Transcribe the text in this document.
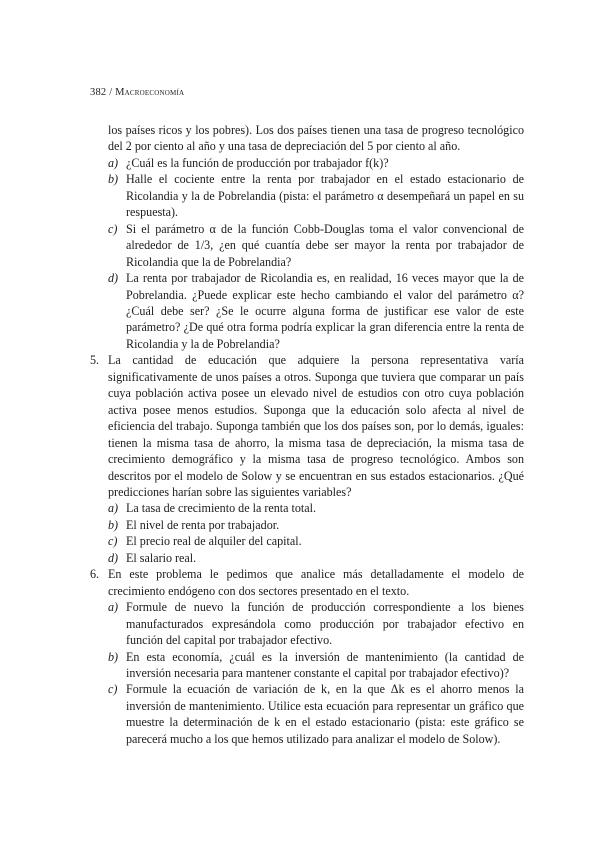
382 / Macroeconomía

los países ricos y los pobres). Los dos países tienen una tasa de progreso tecnológico del 2 por ciento al año y una tasa de depreciación del 5 por ciento al año.

a) ¿Cuál es la función de producción por trabajador f(k)?

b) Halle el cociente entre la renta por trabajador en el estado estacionario de Ricolandia y la de Pobrelandia (pista: el parámetro α desempeñará un papel en su respuesta).

c) Si el parámetro α de la función Cobb-Douglas toma el valor convencional de alrededor de 1/3, ¿en qué cuantía debe ser mayor la renta por trabajador de Ricolandia que la de Pobrelandia?

d) La renta por trabajador de Ricolandia es, en realidad, 16 veces mayor que la de Pobrelandia. ¿Puede explicar este hecho cambiando el valor del parámetro α? ¿Cuál debe ser? ¿Se le ocurre alguna forma de justificar ese valor de este parámetro? ¿De qué otra forma podría explicar la gran diferencia entre la renta de Ricolandia y la de Pobrelandia?

5. La cantidad de educación que adquiere la persona representativa varía significativamente de unos países a otros. Suponga que tuviera que comparar un país cuya población activa posee un elevado nivel de estudios con otro cuya población activa posee menos estudios. Suponga que la educación solo afecta al nivel de eficiencia del trabajo. Suponga también que los dos países son, por lo demás, iguales: tienen la misma tasa de ahorro, la misma tasa de depreciación, la misma tasa de crecimiento demográfico y la misma tasa de progreso tecnológico. Ambos son descritos por el modelo de Solow y se encuentran en sus estados estacionarios. ¿Qué predicciones harían sobre las siguientes variables?

a) La tasa de crecimiento de la renta total.

b) El nivel de renta por trabajador.

c) El precio real de alquiler del capital.

d) El salario real.

6. En este problema le pedimos que analice más detalladamente el modelo de crecimiento endógeno con dos sectores presentado en el texto.

a) Formule de nuevo la función de producción correspondiente a los bienes manufacturados expresándola como producción por trabajador efectivo en función del capital por trabajador efectivo.

b) En esta economía, ¿cuál es la inversión de mantenimiento (la cantidad de inversión necesaria para mantener constante el capital por trabajador efectivo)?

c) Formule la ecuación de variación de k, en la que Δk es el ahorro menos la inversión de mantenimiento. Utilice esta ecuación para representar un gráfico que muestre la determinación de k en el estado estacionario (pista: este gráfico se parecerá mucho a los que hemos utilizado para analizar el modelo de Solow).
